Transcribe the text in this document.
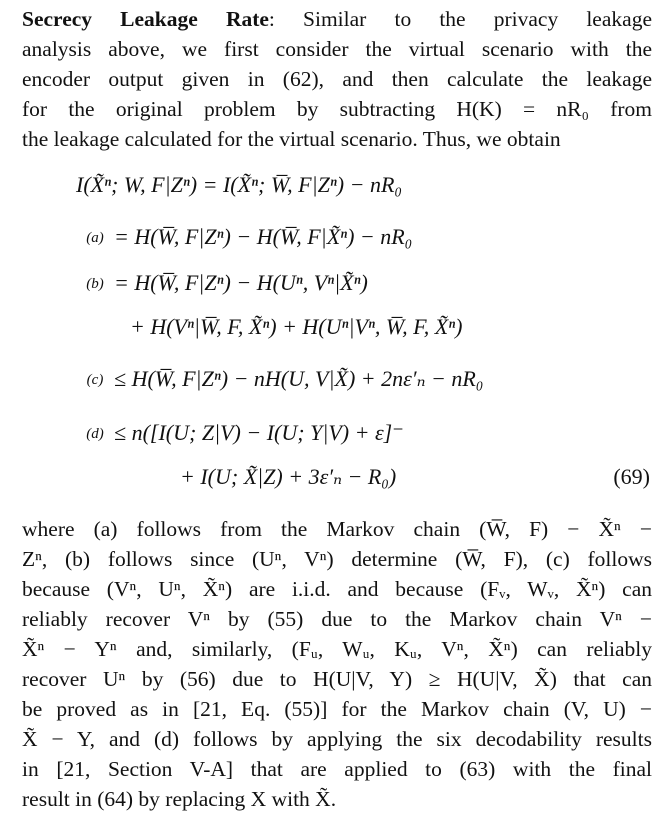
Secrecy Leakage Rate: Similar to the privacy leakage
analysis above, we first consider the virtual scenario with the
encoder output given in (62), and then calculate the leakage
for the original problem by subtracting H(K) = nR₀ from
the leakage calculated for the virtual scenario. Thus, we obtain
I(X̃ⁿ; W, F|Zⁿ) = I(X̃ⁿ; W̅, F|Zⁿ) − nR₀
(a) = H(W̅, F|Zⁿ) − H(W̅, F|X̃ⁿ) − nR₀
(b) = H(W̅, F|Zⁿ) − H(Uⁿ, Vⁿ|X̃ⁿ)
+ H(Vⁿ|W̅, F, X̃ⁿ) + H(Uⁿ|Vⁿ, W̅, F, X̃ⁿ)
(c) ≤ H(W̅, F|Zⁿ) − nH(U, V|X̃) + 2nε′ₙ − nR₀
(d) ≤ n([I(U; Z|V) − I(U; Y|V) + ε]⁻
+ I(U; X̃|Z) + 3ε′ₙ − R₀)	(69)
where (a) follows from the Markov chain (W̅, F) − X̃ⁿ −
Zⁿ, (b) follows since (Uⁿ, Vⁿ) determine (W̅, F), (c) follows
because (Vⁿ, Uⁿ, X̃ⁿ) are i.i.d. and because (Fᵥ, Wᵥ, X̃ⁿ) can
reliably recover Vⁿ by (55) due to the Markov chain Vⁿ −
X̃ⁿ − Yⁿ and, similarly, (Fᵤ, Wᵤ, Kᵤ, Vⁿ, X̃ⁿ) can reliably
recover Uⁿ by (56) due to H(U|V, Y) ≥ H(U|V, X̃) that can
be proved as in [21, Eq. (55)] for the Markov chain (V, U) −
X̃ − Y, and (d) follows by applying the six decodability results
in [21, Section V-A] that are applied to (63) with the final
result in (64) by replacing X with X̃.
